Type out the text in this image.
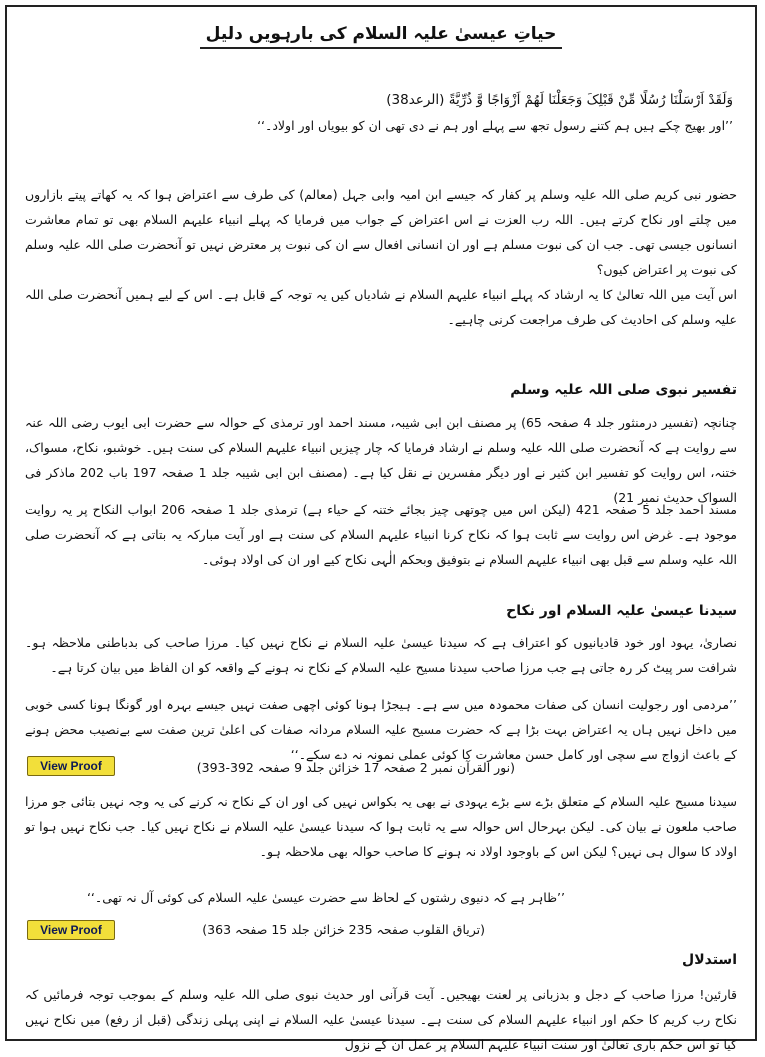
حیاتِ عیسیٰ علیہ السلام کی بارہویں دلیل
وَلَقَدْ اَرْسَلْنَا رُسُلًا مِّنْ قَبْلِکَ وَجَعَلْنَا لَهُمْ اَزْوَاجًا وَّ ذُرِّيَّةً (الرعد38)
’’اور بھیج چکے ہیں ہم کتنے رسول تجھ سے پہلے اور ہم نے دی تھی ان کو بیویاں اور اولاد۔‘‘
حضور نبی کریم صلی اللہ علیہ وسلم پر کفار کہ جیسے ابن امیہ وابی جہل (معالم) کی طرف سے اعتراض ہوا کہ یہ کھاتے پیتے بازاروں میں چلتے اور نکاح کرتے ہیں۔ اللہ رب العزت نے اس اعتراض کے جواب میں فرمایا کہ پہلے انبیاء علیہم السلام بھی تو تمام معاشرت انسانوں جیسی تھی۔ جب ان کی نبوت مسلم ہے اور ان انسانی افعال سے ان کی نبوت پر معترض نہیں تو آنحضرت صلی اللہ علیہ وسلم کی نبوت پر اعتراض کیوں؟
اس آیت میں اللہ تعالیٰ کا یہ ارشاد کہ پہلے انبیاء علیہم السلام نے شادیاں کیں یہ توجہ کے قابل ہے۔ اس کے لیے ہمیں آنحضرت صلی اللہ علیہ وسلم کی احادیث کی طرف مراجعت کرنی چاہیے۔
تفسیر نبوی صلی اللہ علیہ وسلم
چنانچہ (تفسیر درمنثور جلد 4 صفحہ 65) پر مصنف ابن ابی شیبہ، مسند احمد اور ترمذی کے حوالہ سے حضرت ابی ایوب رضی اللہ عنہ سے روایت ہے کہ آنحضرت صلی اللہ علیہ وسلم نے ارشاد فرمایا کہ چار چیزیں انبیاء علیہم السلام کی سنت ہیں۔ خوشبو، نکاح، مسواک، ختنہ، اس روایت کو تفسیر ابن کثیر نے اور دیگر مفسرین نے نقل کیا ہے۔ (مصنف ابن ابی شیبہ جلد 1 صفحہ 197 باب 202 ماذکر فی السواک حدیث نمبر 21)
مسند احمد جلد 5 صفحہ 421 (لیکن اس میں چوتھی چیز بجائے ختنہ کے حیاء ہے) ترمذی جلد 1 صفحہ 206 ابواب النکاح پر یہ روایت موجود ہے۔ غرض اس روایت سے ثابت ہوا کہ نکاح کرنا انبیاء علیہم السلام کی سنت ہے اور آیت مبارکہ یہ بتاتی ہے کہ آنحضرت صلی اللہ علیہ وسلم سے قبل بھی انبیاء علیہم السلام نے بتوفیق وبحکم الٰہی نکاح کیے اور ان کی اولاد ہوئی۔
سیدنا عیسیٰ علیہ السلام اور نکاح
نصاریٰ، یہود اور خود قادیانیوں کو اعتراف ہے کہ سیدنا عیسیٰ علیہ السلام نے نکاح نہیں کیا۔ مرزا صاحب کی بدباطنی ملاحظہ ہو۔ شرافت سر پیٹ کر رہ جاتی ہے جب مرزا صاحب سیدنا مسیح علیہ السلام کے نکاح نہ ہونے کے واقعہ کو ان الفاظ میں بیان کرتا ہے۔
’’مردمی اور رجولیت انسان کی صفات محمودہ میں سے ہے۔ ہیجڑا ہونا کوئی اچھی صفت نہیں جیسے بہرہ اور گونگا ہونا کسی خوبی میں داخل نہیں ہاں یہ اعتراض بہت بڑا ہے کہ حضرت مسیح علیہ السلام مردانہ صفات کی اعلیٰ ترین صفت سے بےنصیب محض ہونے کے باعث ازواج سے سچی اور کامل حسن معاشرت کا کوئی عملی نمونہ نہ دے سکے۔‘‘
(نور القرآن نمبر 2 صفحہ 17 خزائن جلد 9 صفحہ 392-393)
View Proof
سیدنا مسیح علیہ السلام کے متعلق بڑے سے بڑے یہودی نے بھی یہ بکواس نہیں کی اور ان کے نکاح نہ کرنے کی یہ وجہ نہیں بتائی جو مرزا صاحب ملعون نے بیان کی۔ لیکن بہرحال اس حوالہ سے یہ ثابت ہوا کہ سیدنا عیسیٰ علیہ السلام نے نکاح نہیں کیا۔ جب نکاح نہیں ہوا تو اولاد کا سوال ہی نہیں؟ لیکن اس کے باوجود اولاد نہ ہونے کا صاحب حوالہ بھی ملاحظہ ہو۔
’’ظاہر ہے کہ دنیوی رشتوں کے لحاظ سے حضرت عیسیٰ علیہ السلام کی کوئی آل نہ تھی۔‘‘
(تریاق القلوب صفحہ 235 خزائن جلد 15 صفحہ 363)
View Proof
استدلال
قارئین! مرزا صاحب کے دجل و بدزبانی پر لعنت بھیجیں۔ آیت قرآنی اور حدیث نبوی صلی اللہ علیہ وسلم کے بموجب توجہ فرمائیں کہ نکاح رب کریم کا حکم اور انبیاء علیہم السلام کی سنت ہے۔ سیدنا عیسیٰ علیہ السلام نے اپنی پہلی زندگی (قبل از رفع) میں نکاح نہیں کیا تو اس حکم باری تعالیٰ اور سنت انبیاء علیہم السلام پر عمل ان کے نزول
